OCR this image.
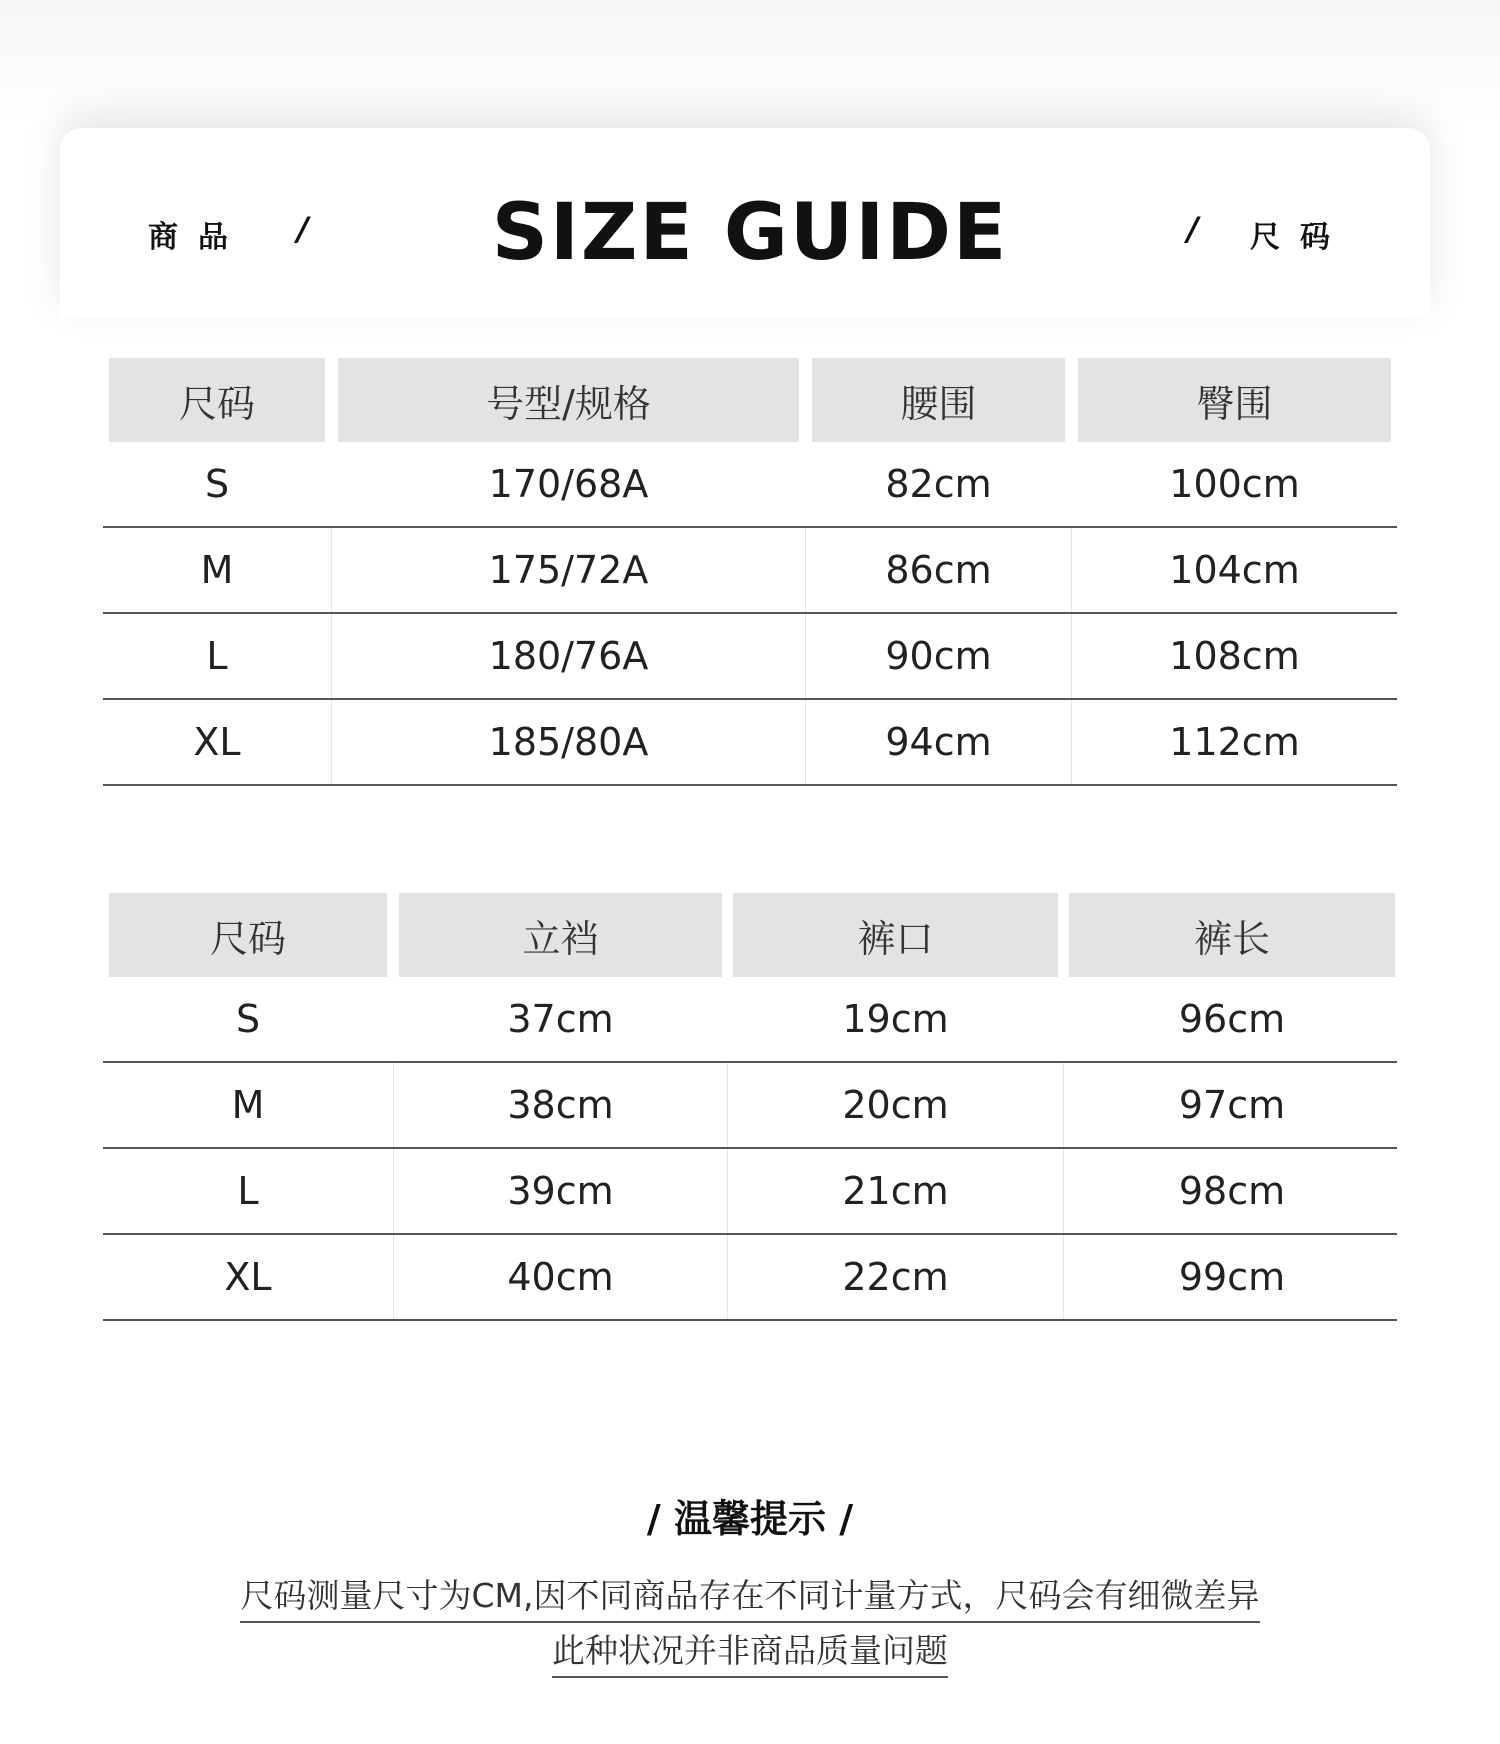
商品 /	SIZE GUIDE	/ 尺码
尺码	号型/规格	腰围	臀围
S	170/68A	82cm	100cm
M	175/72A	86cm	104cm
L	180/76A	90cm	108cm
XL	185/80A	94cm	112cm
尺码	立裆	裤口	裤长
S	37cm	19cm	96cm
M	38cm	20cm	97cm
L	39cm	21cm	98cm
XL	40cm	22cm	99cm
/ 温馨提示 /
尺码测量尺寸为CM,因不同商品存在不同计量方式，尺码会有细微差异
此种状况并非商品质量问题
